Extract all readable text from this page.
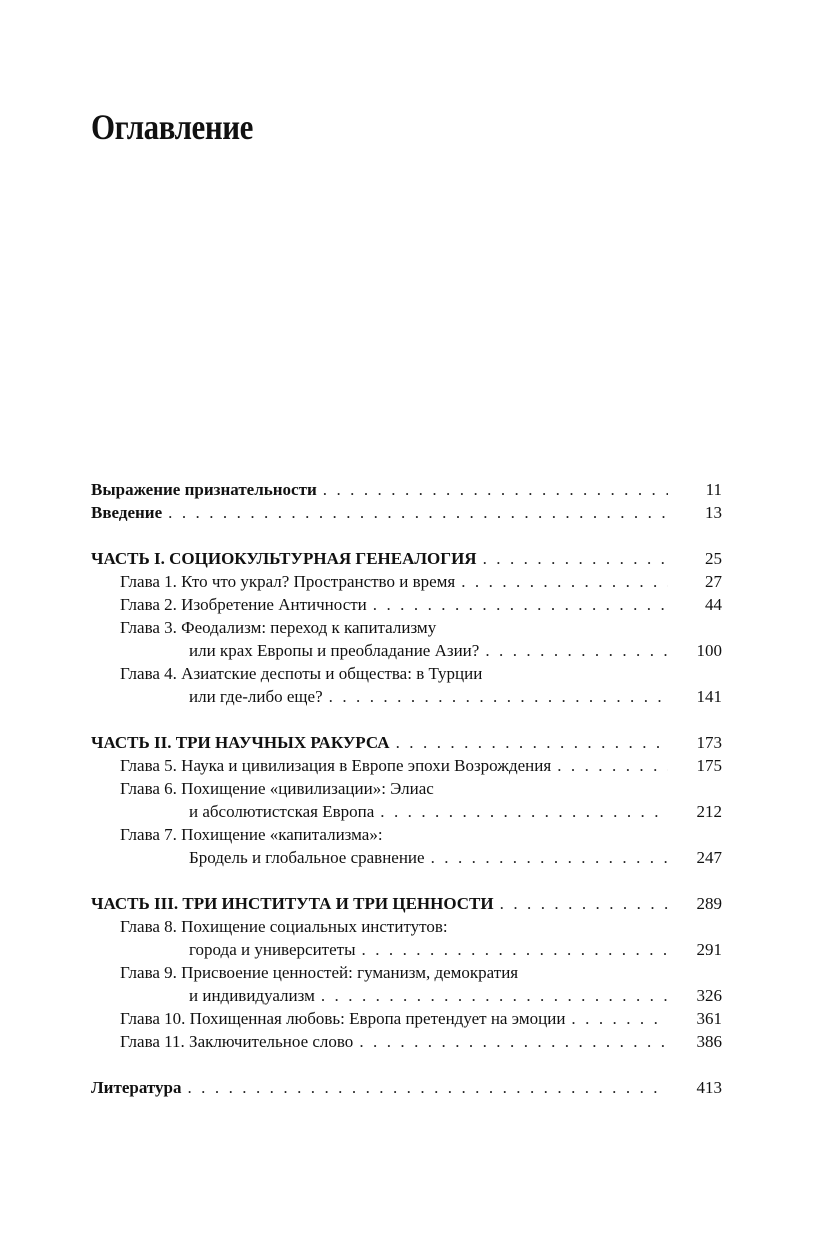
Оглавление
Выражение признательности . . .	11
Введение . . .	13
ЧАСТЬ I. СОЦИОКУЛЬТУРНАЯ ГЕНЕАЛОГИЯ . . .	25
Глава 1. Кто что украл? Пространство и время . . .	27
Глава 2. Изобретение Античности . . .	44
Глава 3. Феодализм: переход к капитализму
или крах Европы и преобладание Азии? . . .	100
Глава 4. Азиатские деспоты и общества: в Турции
или где-либо еще? . . .	141
ЧАСТЬ II. ТРИ НАУЧНЫХ РАКУРСА . . .	173
Глава 5. Наука и цивилизация в Европе эпохи Возрождения . . .	175
Глава 6. Похищение «цивилизации»: Элиас
и абсолютистская Европа . . .	212
Глава 7. Похищение «капитализма»:
Бродель и глобальное сравнение . . .	247
ЧАСТЬ III. ТРИ ИНСТИТУТА И ТРИ ЦЕННОСТИ . . .	289
Глава 8. Похищение социальных институтов:
города и университеты . . .	291
Глава 9. Присвоение ценностей: гуманизм, демократия
и индивидуализм . . .	326
Глава 10. Похищенная любовь: Европа претендует на эмоции . . .	361
Глава 11. Заключительное слово . . .	386
Литература . . .	413
